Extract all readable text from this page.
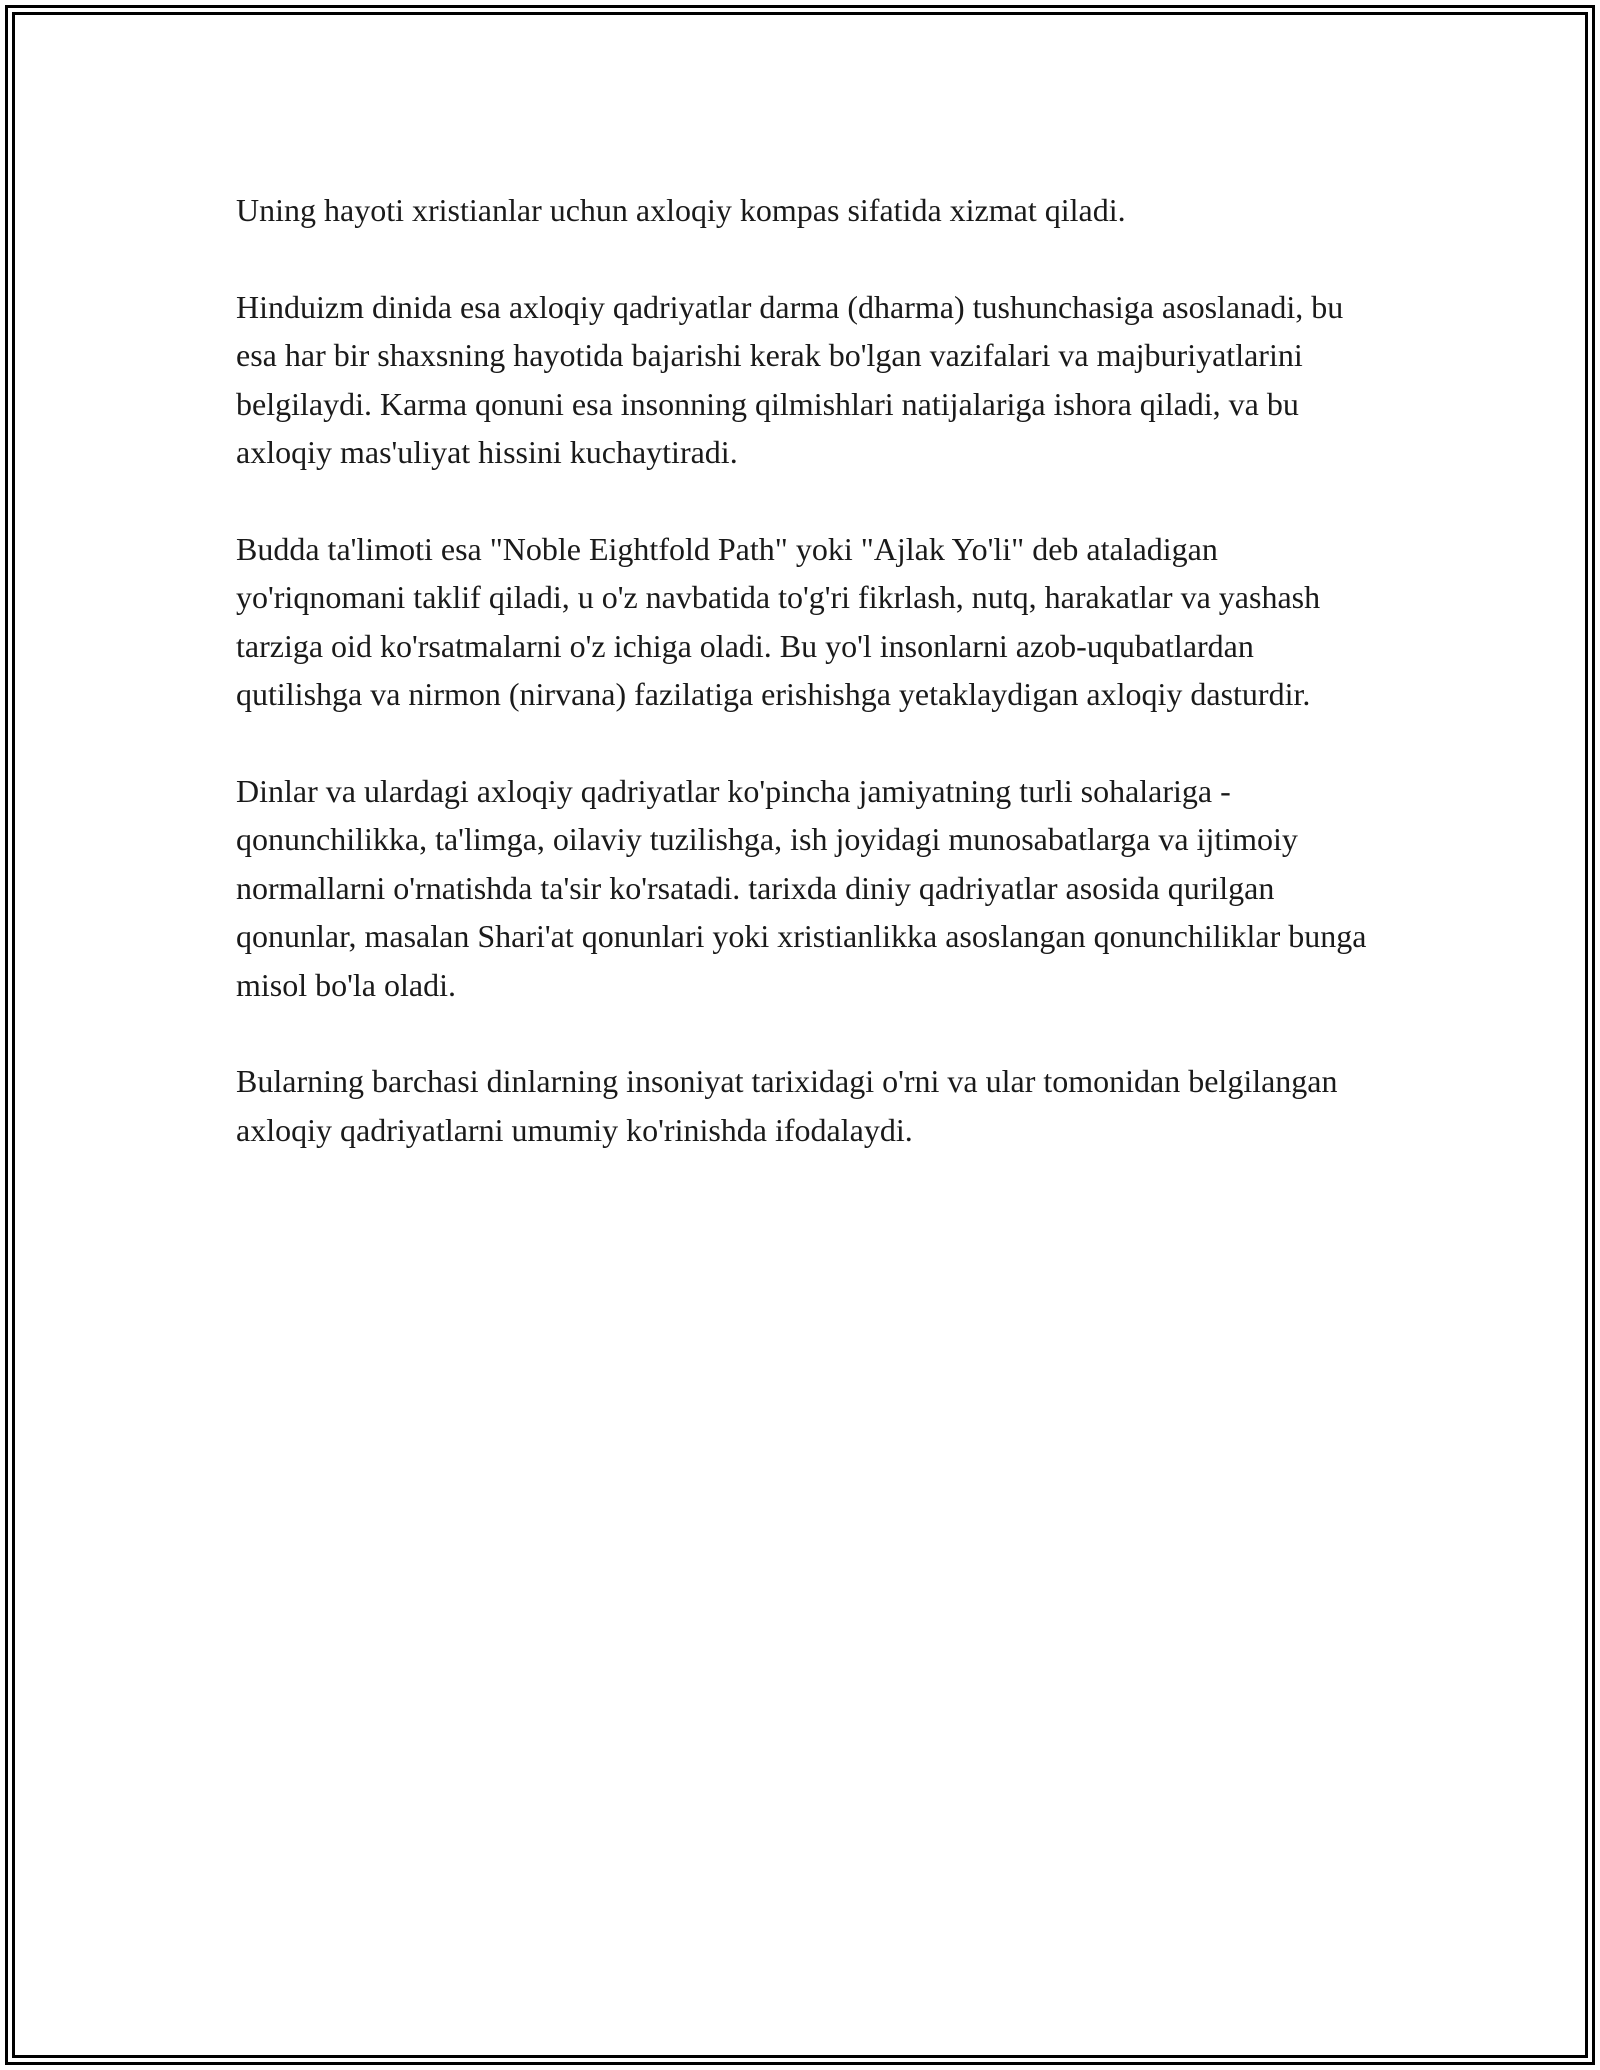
Uning hayoti xristianlar uchun axloqiy kompas sifatida xizmat qiladi.

Hinduizm dinida esa axloqiy qadriyatlar darma (dharma) tushunchasiga asoslanadi, bu esa har bir shaxsning hayotida bajarishi kerak bo'lgan vazifalari va majburiyatlarini belgilaydi. Karma qonuni esa insonning qilmishlari natijalariga ishora qiladi, va bu axloqiy mas'uliyat hissini kuchaytiradi.

Budda ta'limoti esa "Noble Eightfold Path" yoki "Ajlak Yo'li" deb ataladigan yo'riqnomani taklif qiladi, u o'z navbatida to'g'ri fikrlash, nutq, harakatlar va yashash tarziga oid ko'rsatmalarni o'z ichiga oladi. Bu yo'l insonlarni azob-uqubatlardan qutilishga va nirmon (nirvana) fazilatiga erishishga yetaklaydigan axloqiy dasturdir.

Dinlar va ulardagi axloqiy qadriyatlar ko'pincha jamiyatning turli sohalariga - qonunchilikka, ta'limga, oilaviy tuzilishga, ish joyidagi munosabatlarga va ijtimoiy normallarni o'rnatishda ta'sir ko'rsatadi. tarixda diniy qadriyatlar asosida qurilgan qonunlar, masalan Shari'at qonunlari yoki xristianlikka asoslangan qonunchiliklar bunga misol bo'la oladi.

Bularning barchasi dinlarning insoniyat tarixidagi o'rni va ular tomonidan belgilangan axloqiy qadriyatlarni umumiy ko'rinishda ifodalaydi.
